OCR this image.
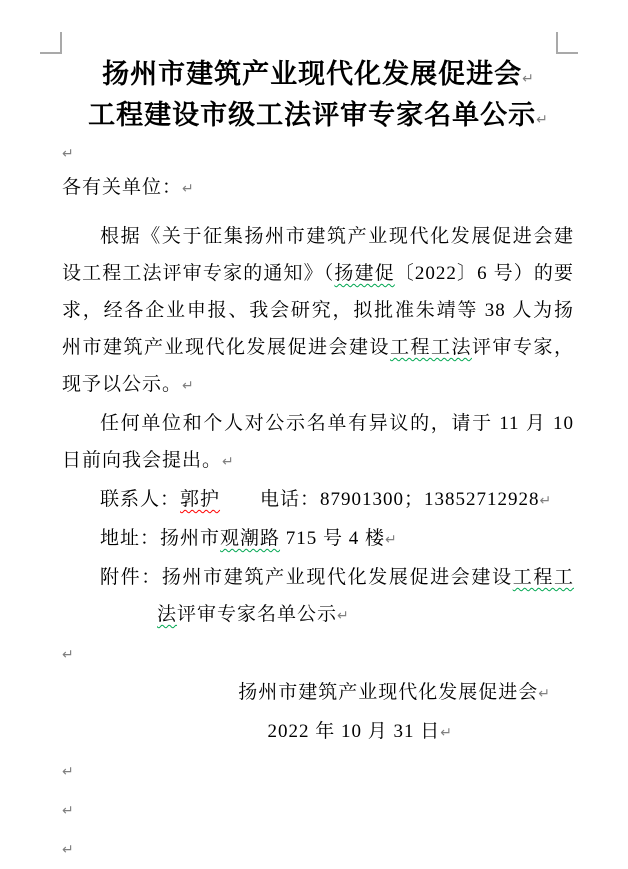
扬州市建筑产业现代化发展促进会↵
工程建设市级工法评审专家名单公示↵
↵
各有关单位：↵
根据《关于征集扬州市建筑产业现代化发展促进会建设工程工法评审专家的通知》（扬建促〔2022〕6 号）的要求，经各企业申报、我会研究，拟批准朱靖等 38 人为扬州市建筑产业现代化发展促进会建设工程工法评审专家，现予以公示。↵
任何单位和个人对公示名单有异议的，请于 11 月 10 日前向我会提出。↵
联系人：郭护　　电话：87901300；13852712928↵
地址：扬州市观潮路 715 号 4 楼↵
附件：扬州市建筑产业现代化发展促进会建设工程工法评审专家名单公示↵
↵
扬州市建筑产业现代化发展促进会↵
2022 年 10 月 31 日↵
↵
↵
↵
